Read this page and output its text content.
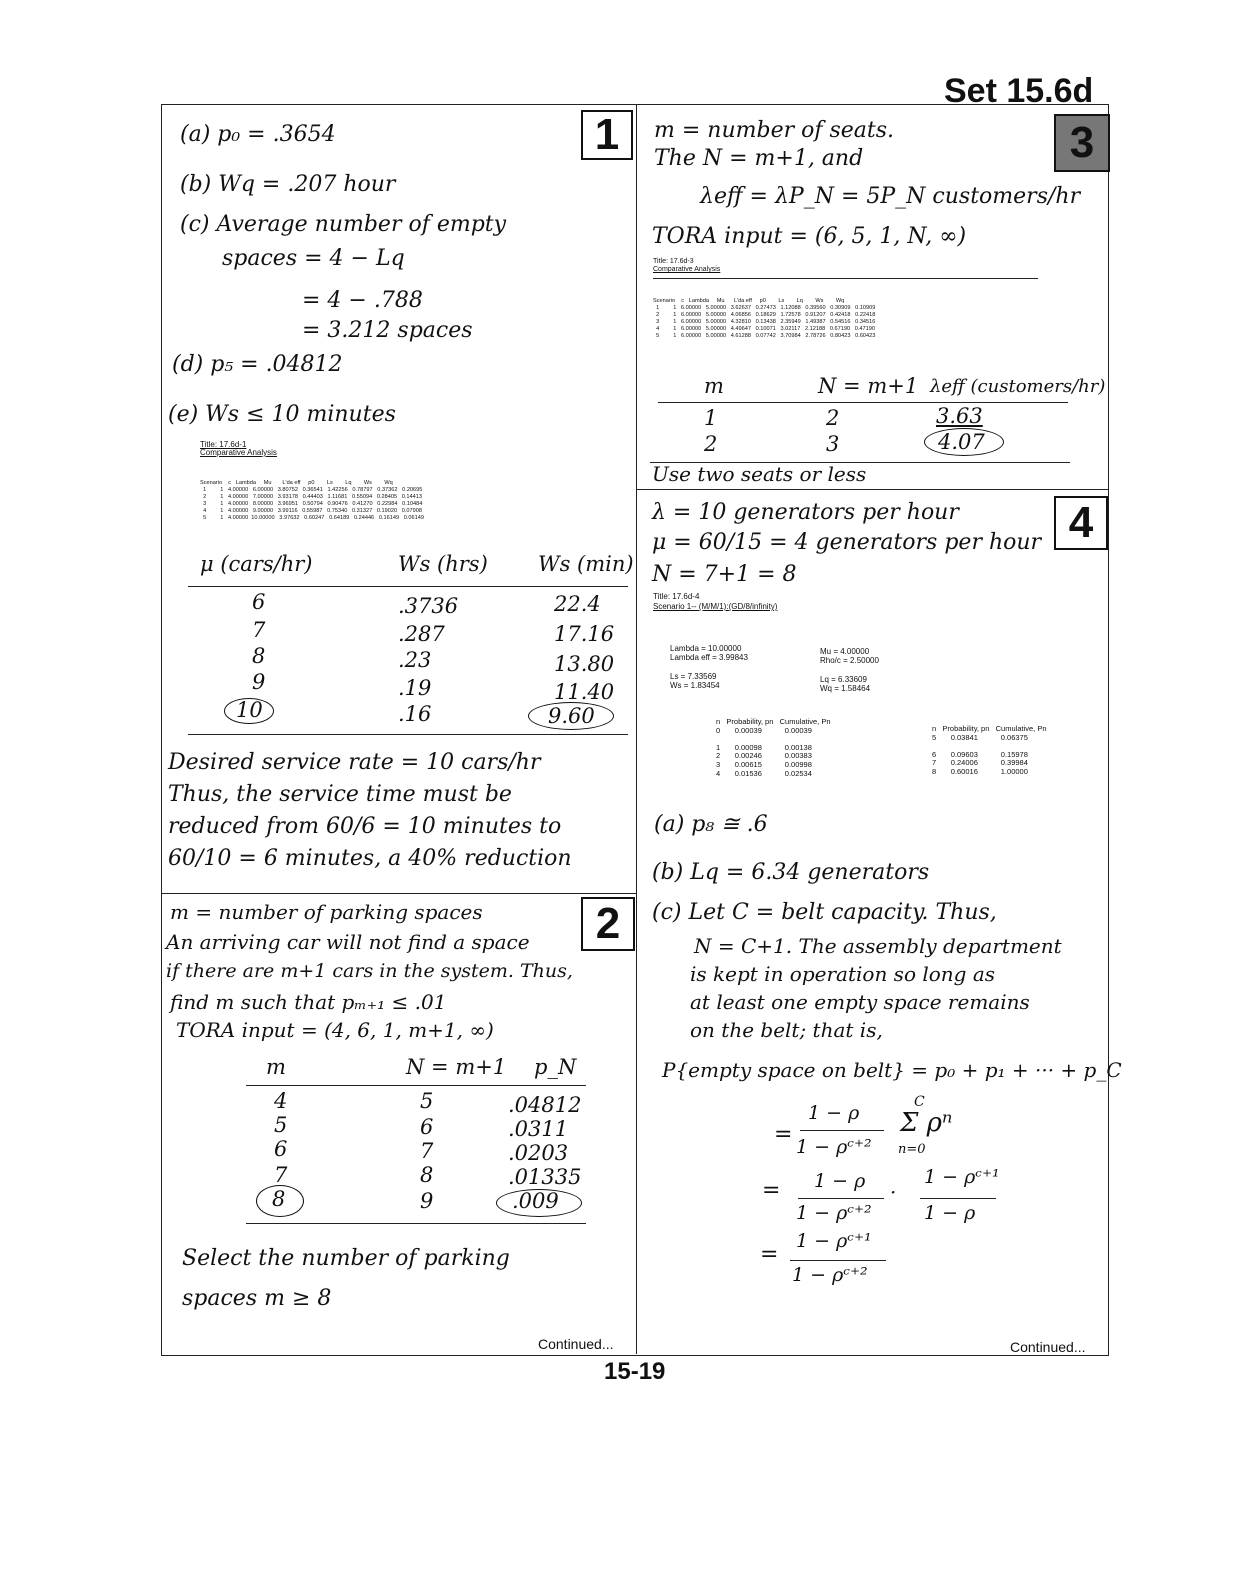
Set 15.6d
1
(a) p₀ = .3654
(b) Wq = .207 hour
(c) Average number of empty
spaces = 4 − Lq
= 4 − .788
= 3.212 spaces
(d) p₅ = .04812
(e) Ws ≤ 10 minutes
Title: 17.6d-1
Comparative Analysis
Scenario    c   Lambda     Mu       L'da eff     p0        Ls        Lq        Ws        Wq
1         1   4.00000   6.00000   3.80752   0.36541   1.42256   0.78797   0.37362   0.20695
2         1   4.00000   7.00000   3.93178   0.44403   1.11681   0.55094   0.28405   0.14413
3         1   4.00000   8.00000   3.96951   0.50794   0.90476   0.41270   0.22984   0.10484
4         1   4.00000   9.00000   3.99116   0.55987   0.75340   0.31327   0.19020   0.07908
5         1   4.00000  10.00000   3.97632   0.60247   0.64189   0.24446   0.16149   0.06149
μ (cars/hr)	Ws (hrs) Ws (min)
6	.3736	22.4
7	.287	17.16
8	.23	13.80
9	.19	11.40
10	.16	9.60
Desired service rate = 10 cars/hr
Thus, the service time must be
reduced from 60/6 = 10 minutes to
60/10 = 6 minutes, a 40% reduction
2
m = number of parking spaces
An arriving car will not find a space
if there are m+1 cars in the system. Thus,
find m such that pₘ₊₁ ≤ .01
TORA input = (4, 6, 1, m+1, ∞)
m	N = m+1 p_N
4	5	.04812
5	6	.0311
6	7	.0203
7	8	.01335
8	9	.009
Select the number of parking
spaces m ≥ 8
Continued...
3
m = number of seats.
The N = m+1, and
λeff = λP_N = 5P_N customers/hr
TORA input = (6, 5, 1, N, ∞)
Title: 17.6d-3
Comparative Analysis
Scenario    c   Lambda     Mu      L'da eff     p0        Ls        Lq        Ws        Wq
1         1   6.00000   5.00000   3.62637   0.27473   1.12088   0.39560   0.30909   0.10909
2         1   6.00000   5.00000   4.06856   0.18629   1.72578   0.91207   0.42418   0.22418
3         1   6.00000   5.00000   4.32810   0.13438   2.35949   1.49387   0.54516   0.34516
4         1   6.00000   5.00000   4.49647   0.10071   3.02117   2.12188   0.67190   0.47190
5         1   6.00000   5.00000   4.61288   0.07742   3.70984   2.78726   0.80423   0.60423
m	N = m+1 λeff (customers/hr)
1	2	3.63
2	3	4.07
Use two seats or less
4
λ = 10 generators per hour
μ = 60/15 = 4 generators per hour
N = 7+1 = 8
Title: 17.6d-4
Scenario 1-- (M/M/1):(GD/8/infinity)
Lambda = 10.00000
Lambda eff = 3.99843
Mu = 4.00000
Rho/c = 2.50000
Ls = 7.33569
Ws = 1.83454
Lq = 6.33609
Wq = 1.58464
n   Probability, pn   Cumulative, Pn
0       0.00039           0.00039

1       0.00098           0.00138
2       0.00246           0.00383
3       0.00615           0.00998
4       0.01536           0.02534
n   Probability, pn   Cumulative, Pn
5       0.03841           0.06375

6       0.09603           0.15978
7       0.24006           0.39984
8       0.60016           1.00000
(a) p₈ ≅ .6
(b) Lq = 6.34 generators
(c) Let C = belt capacity. Thus,
N = C+1. The assembly department
is kept in operation so long as
at least one empty space remains
on the belt; that is,
P{empty space on belt} = p₀ + p₁ + ··· + p_C
=
1 − ρ
1 − ρᶜ⁺²
C
Σ ρⁿ
n=0
= 1 − ρ
1 − ρᶜ⁺²
·
1 − ρᶜ⁺¹
1 − ρ
=
1 − ρᶜ⁺¹
1 − ρᶜ⁺²
Continued...
15-19
